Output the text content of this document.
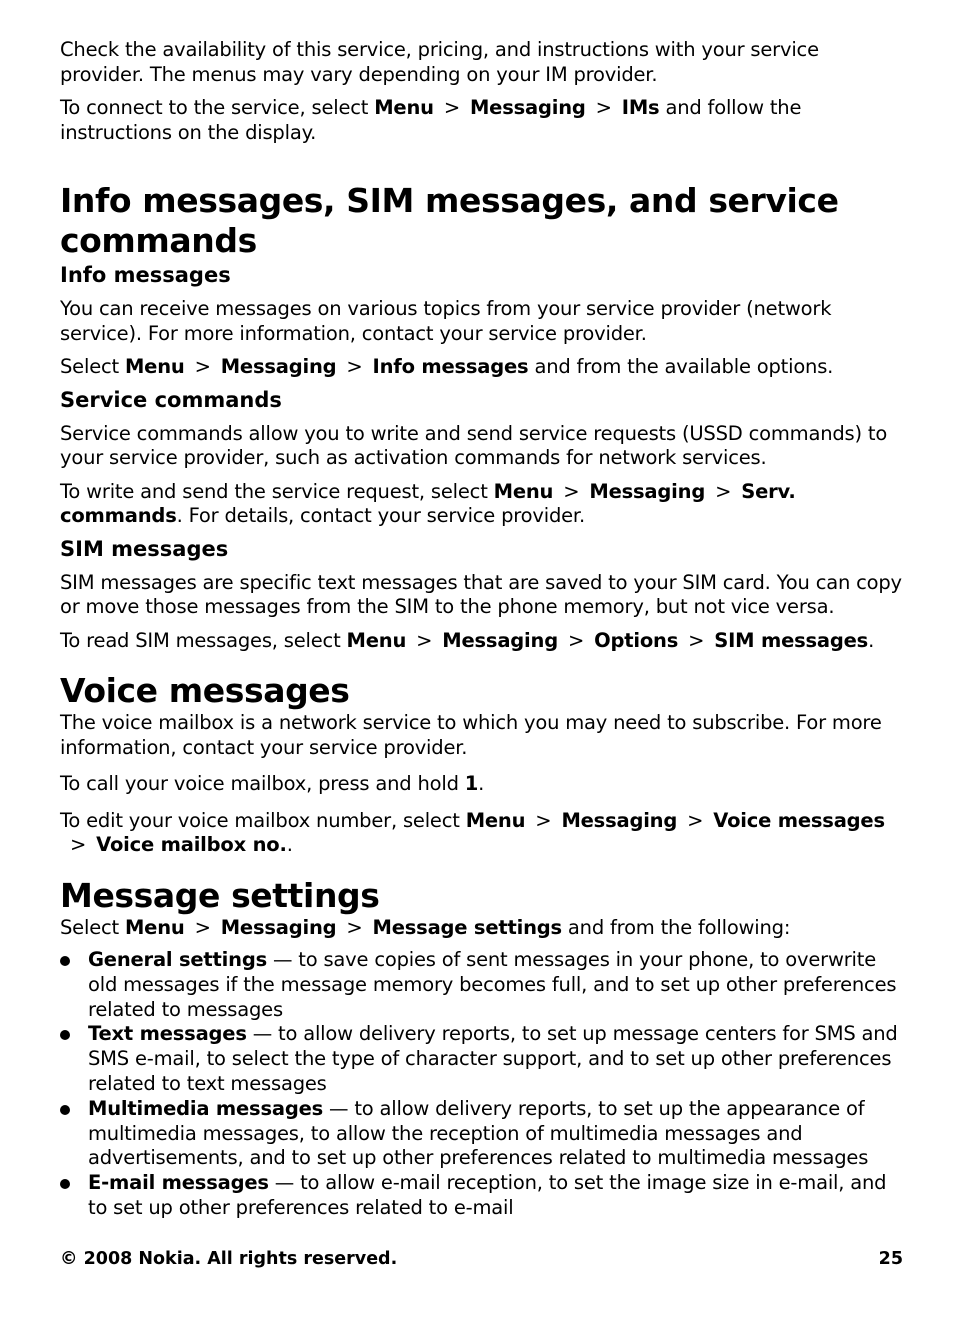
Check the availability of this service, pricing, and instructions with your service provider. The menus may vary depending on your IM provider.

To connect to the service, select Menu > Messaging > IMs and follow the instructions on the display.

Info messages, SIM messages, and service commands
Info messages

You can receive messages on various topics from your service provider (network service). For more information, contact your service provider.

Select Menu > Messaging > Info messages and from the available options.

Service commands

Service commands allow you to write and send service requests (USSD commands) to your service provider, such as activation commands for network services.

To write and send the service request, select Menu > Messaging > Serv. commands. For details, contact your service provider.

SIM messages

SIM messages are specific text messages that are saved to your SIM card. You can copy or move those messages from the SIM to the phone memory, but not vice versa.

To read SIM messages, select Menu > Messaging > Options > SIM messages.

Voice messages

The voice mailbox is a network service to which you may need to subscribe. For more information, contact your service provider.

To call your voice mailbox, press and hold 1.

To edit your voice mailbox number, select Menu > Messaging > Voice messages> Voice mailbox no..

Message settings

Select Menu > Messaging > Message settings and from the following:

General settings — to save copies of sent messages in your phone, to overwrite old messages if the message memory becomes full, and to set up other preferences related to messages
Text messages — to allow delivery reports, to set up message centers for SMS and SMS e-mail, to select the type of character support, and to set up other preferences related to text messages
Multimedia messages — to allow delivery reports, to set up the appearance of multimedia messages, to allow the reception of multimedia messages and advertisements, and to set up other preferences related to multimedia messages
E-mail messages — to allow e-mail reception, to set the image size in e-mail, and to set up other preferences related to e-mail
© 2008 Nokia. All rights reserved.	25
